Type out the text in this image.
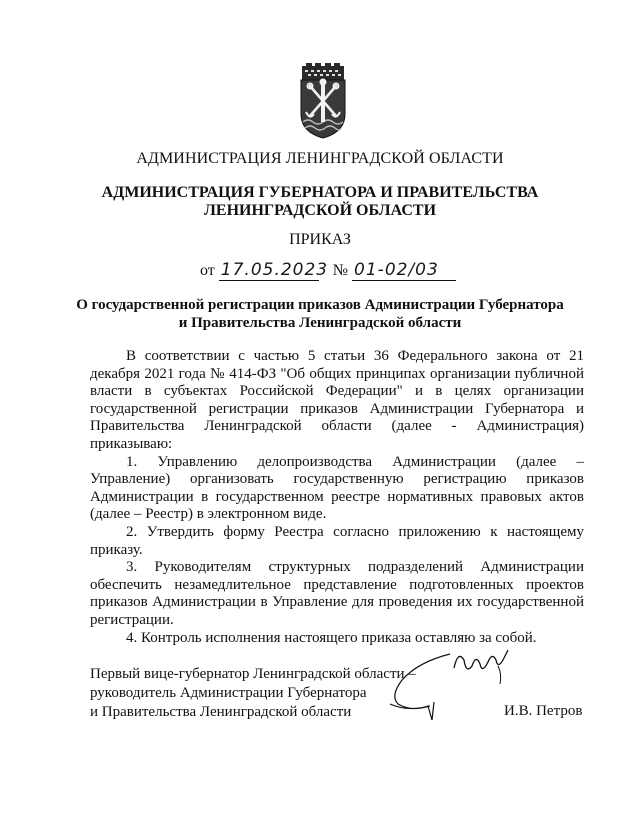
АДМИНИСТРАЦИЯ ЛЕНИНГРАДСКОЙ ОБЛАСТИ
АДМИНИСТРАЦИЯ ГУБЕРНАТОРА И ПРАВИТЕЛЬСТВА
ЛЕНИНГРАДСКОЙ ОБЛАСТИ
ПРИКАЗ
от 17.05.2023 № 01-02/03
О государственной регистрации приказов Администрации Губернатора
и Правительства Ленинградской области

В соответствии с частью 5 статьи 36 Федерального закона от 21 декабря 2021 года № 414-ФЗ "Об общих принципах организации публичной власти в субъектах Российской Федерации" и в целях организации государственной регистрации приказов Администрации Губернатора и Правительства Ленинградской области (далее - Администрация) приказываю:

1. Управлению делопроизводства Администрации (далее – Управление) организовать государственную регистрацию приказов Администрации в государственном реестре нормативных правовых актов (далее – Реестр) в электронном виде.

2. Утвердить форму Реестра согласно приложению к настоящему приказу.

3. Руководителям структурных подразделений Администрации обеспечить незамедлительное представление подготовленных проектов приказов Администрации в Управление для проведения их государственной регистрации.

4. Контроль исполнения настоящего приказа оставляю за собой.

Первый вице-губернатор Ленинградской области –
руководитель Администрации Губернатора
и Правительства Ленинградской области	И.В. Петров
